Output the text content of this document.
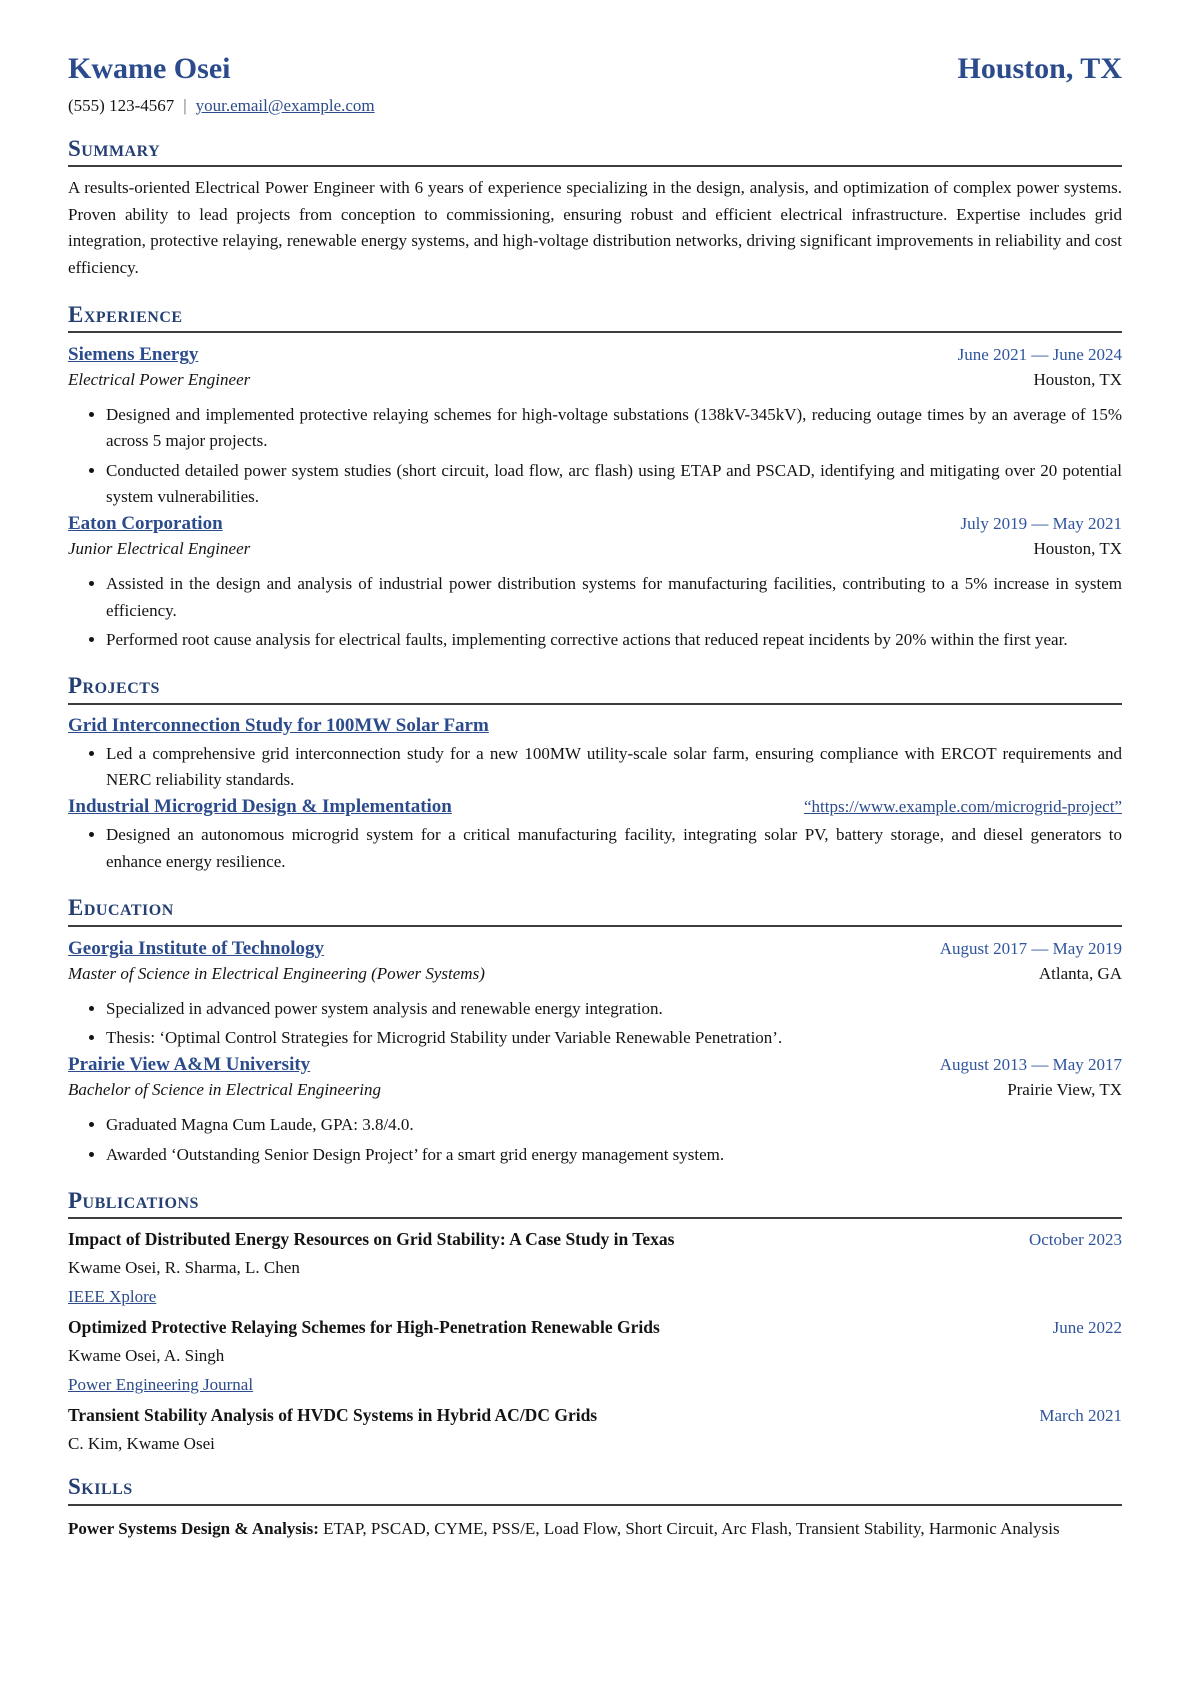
Kwame Osei	Houston, TX
(555) 123-4567 | your.email@example.com
Summary

A results-oriented Electrical Power Engineer with 6 years of experience specializing in the design, analysis, and optimization of complex power systems. Proven ability to lead projects from conception to commissioning, ensuring robust and efficient electrical infrastructure. Expertise includes grid integration, protective relaying, renewable energy systems, and high-voltage distribution networks, driving significant improvements in reliability and cost efficiency.

Experience
Siemens Energy	June 2021 — June 2024
Electrical Power Engineer	Houston, TX
• Designed and implemented protective relaying schemes for high-voltage substations (138kV-345kV), reducing outage times by an average of 15% across 5 major projects.
• Conducted detailed power system studies (short circuit, load flow, arc flash) using ETAP and PSCAD, identifying and mitigating over 20 potential system vulnerabilities.
Eaton Corporation	July 2019 — May 2021
Junior Electrical Engineer	Houston, TX
• Assisted in the design and analysis of industrial power distribution systems for manufacturing facilities, contributing to a 5% increase in system efficiency.
• Performed root cause analysis for electrical faults, implementing corrective actions that reduced repeat incidents by 20% within the first year.
Projects
Grid Interconnection Study for 100MW Solar Farm
• Led a comprehensive grid interconnection study for a new 100MW utility-scale solar farm, ensuring compliance with ERCOT requirements and NERC reliability standards.
Industrial Microgrid Design & Implementation	“https://www.example.com/microgrid-project”
• Designed an autonomous microgrid system for a critical manufacturing facility, integrating solar PV, battery storage, and diesel generators to enhance energy resilience.
Education
Georgia Institute of Technology	August 2017 — May 2019
Master of Science in Electrical Engineering (Power Systems)	Atlanta, GA
• Specialized in advanced power system analysis and renewable energy integration.
• Thesis: ‘Optimal Control Strategies for Microgrid Stability under Variable Renewable Penetration’.
Prairie View A&M University	August 2013 — May 2017
Bachelor of Science in Electrical Engineering	Prairie View, TX
• Graduated Magna Cum Laude, GPA: 3.8/4.0.
• Awarded ‘Outstanding Senior Design Project’ for a smart grid energy management system.
Publications
Impact of Distributed Energy Resources on Grid Stability: A Case Study in Texas	October 2023
Kwame Osei, R. Sharma, L. Chen
IEEE Xplore
Optimized Protective Relaying Schemes for High-Penetration Renewable Grids	June 2022
Kwame Osei, A. Singh
Power Engineering Journal
Transient Stability Analysis of HVDC Systems in Hybrid AC/DC Grids	March 2021
C. Kim, Kwame Osei
Skills

Power Systems Design & Analysis: ETAP, PSCAD, CYME, PSS/E, Load Flow, Short Circuit, Arc Flash, Transient Stability, Harmonic Analysis
